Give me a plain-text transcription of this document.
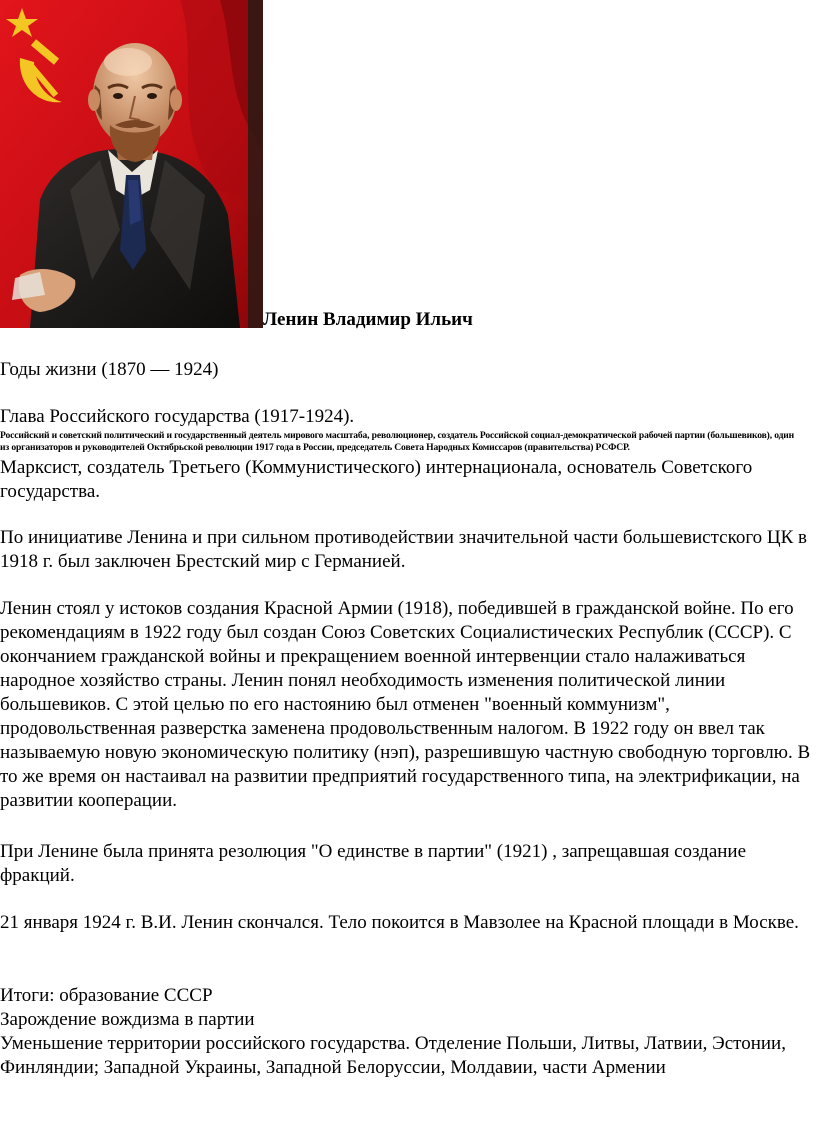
Ленин Владимир Ильич

Годы жизни (1870 — 1924)

Глава Российского государства (1917-1924).

Российский и советский политический и государственный деятель мирового масштаба, революционер, создатель Российской социал-демократической рабочей партии (большевиков), один из организаторов и руководителей Октябрьской революции 1917 года в России, председатель Совета Народных Комиссаров (правительства) РСФСР.

Марксист, создатель Третьего (Коммунистического) интернационала, основатель Советского государства.

По инициативе Ленина и при сильном противодействии значительной части большевистского ЦК в 1918 г. был заключен Брестский мир с Германией.

Ленин стоял у истоков создания Красной Армии (1918), победившей в гражданской войне. По его рекомендациям в 1922 году был создан Союз Советских Социалистических Республик (СССР). С окончанием гражданской войны и прекращением военной интервенции стало налаживаться народное хозяйство страны. Ленин понял необходимость изменения политической линии большевиков. С этой целью по его настоянию был отменен "военный коммунизм", продовольственная разверстка заменена продовольственным налогом. В 1922 году он ввел так называемую новую экономическую политику (нэп), разрешившую частную свободную торговлю. В то же время он настаивал на развитии предприятий государственного типа, на электрификации, на развитии кооперации.

При Ленине была принята резолюция "О единстве в партии" (1921) , запрещавшая создание фракций.

21 января 1924 г. В.И. Ленин скончался. Тело покоится в Мавзолее на Красной площади в Москве.

Итоги: образование СССР

Зарождение вождизма в партии

Уменьшение территории российского государства. Отделение Польши, Литвы, Латвии, Эстонии, Финляндии; Западной Украины, Западной Белоруссии, Молдавии, части Армении
